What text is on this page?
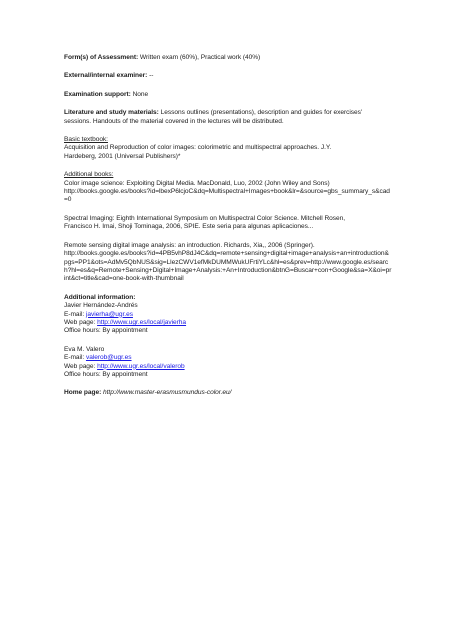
Form(s) of Assessment: Written exam (60%), Practical work (40%)
External/internal examiner: --
Examination support: None
Literature and study materials: Lessons outlines (presentations), description and guides for exercises'
sessions. Handouts of the material covered in the lectures will be distributed.
Basic textbook:
Acquisition and Reproduction of color images: colorimetric and multispectral approaches. J.Y.
Hardeberg, 2001 (Universal Publishers)*
Additional books:
Color image science: Exploiting Digital Media. MacDonald, Luo, 2002 (John Wiley and Sons)
http://books.google.es/books?id=lbexP6lcjoC&dq=Multispectral+Images+book&lr=&source=gbs_summary_s&cad=0
Spectral Imaging: Eighth International Symposium on Multispectral Color Science. Mitchell Rosen,
Francisco H. Imai, Shoji Tominaga, 2006, SPIE. Este seria para algunas aplicaciones...
Remote sensing digital image analysis: an introduction. Richards, Xia,, 2006 (Springer).
http://books.google.es/books?id=4PB5vhP8dJ4C&dq=remote+sensing+digital+image+analysis+an+introduction&pgs=PP1&ots=AdMv5QbNUS&sig=LlezCWV1efMkDUMMWukUFrtiYLc&hl=es&prev=http://www.google.es/search?hl=es&q=Remote+Sensing+Digital+Image+Analysis:+An+Introduction&btnG=Buscar+con+Google&sa=X&oi=print&ct=title&cad=one-book-with-thumbnail
Additional information:
Javier Hernández-Andrés
E-mail: javierha@ugr.es
Web page: http://www.ugr.es/local/javierha
Office hours: By appointment
Eva M. Valero
E-mail: valerob@ugr.es
Web page: http://www.ugr.es/local/valerob
Office hours: By appointment
Home page: http://www.master-erasmusmundus-color.eu/
